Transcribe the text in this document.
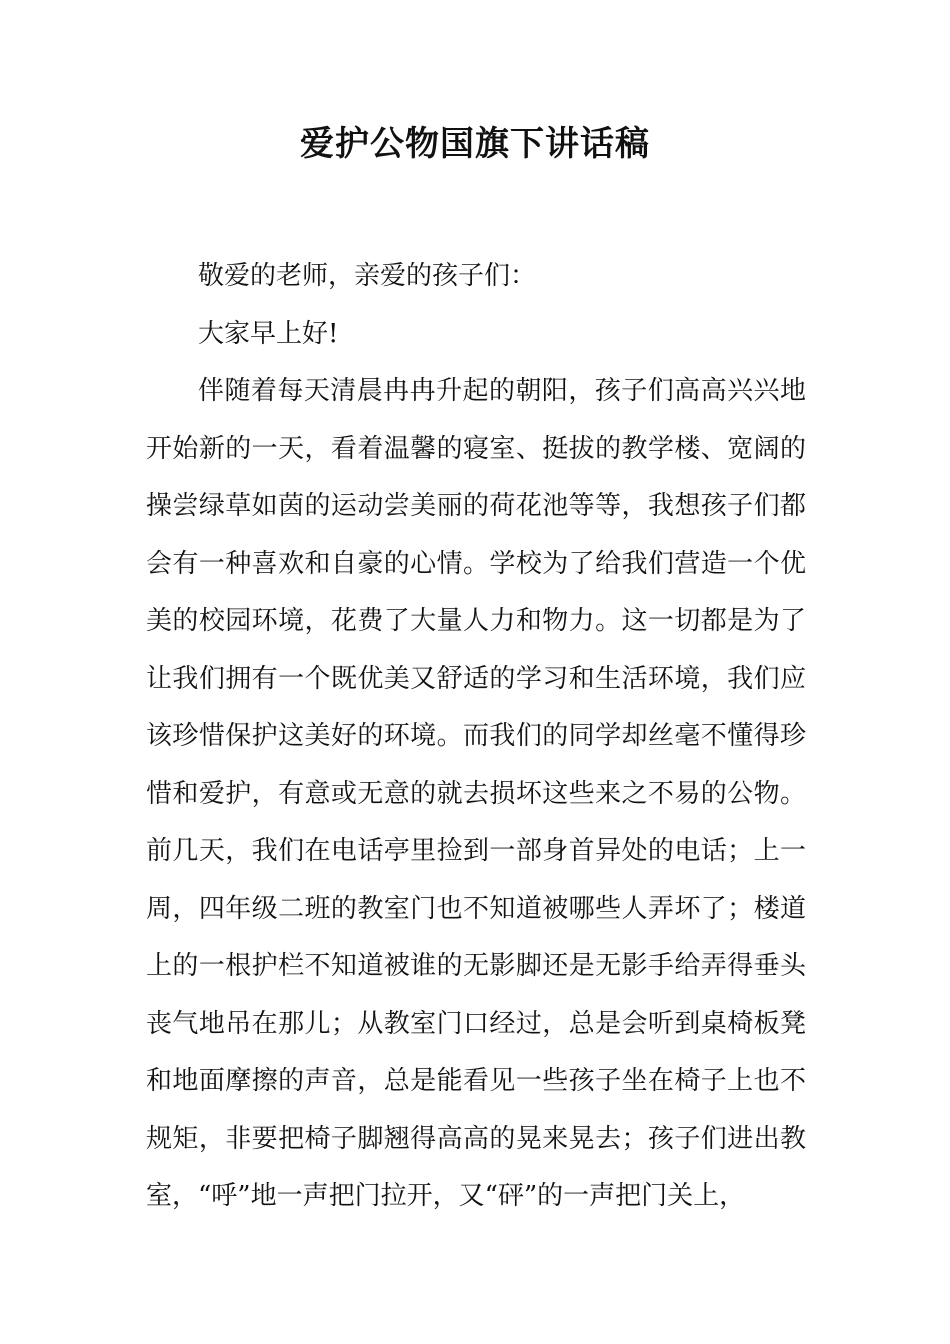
爱护公物国旗下讲话稿

敬爱的老师，亲爱的孩子们：

大家早上好!

伴随着每天清晨冉冉升起的朝阳，孩子们高高兴兴地开始新的一天，看着温馨的寝室、挺拔的教学楼、宽阔的操尝绿草如茵的运动尝美丽的荷花池等等，我想孩子们都会有一种喜欢和自豪的心情。学校为了给我们营造一个优美的校园环境，花费了大量人力和物力。这一切都是为了让我们拥有一个既优美又舒适的学习和生活环境，我们应该珍惜保护这美好的环境。而我们的同学却丝毫不懂得珍惜和爱护，有意或无意的就去损坏这些来之不易的公物。前几天，我们在电话亭里捡到一部身首异处的电话；上一周，四年级二班的教室门也不知道被哪些人弄坏了；楼道上的一根护栏不知道被谁的无影脚还是无影手给弄得垂头丧气地吊在那儿；从教室门口经过，总是会听到桌椅板凳和地面摩擦的声音，总是能看见一些孩子坐在椅子上也不规矩，非要把椅子脚翘得高高的晃来晃去；孩子们进出教室，“呼”地一声把门拉开，又“砰”的一声把门关上，
